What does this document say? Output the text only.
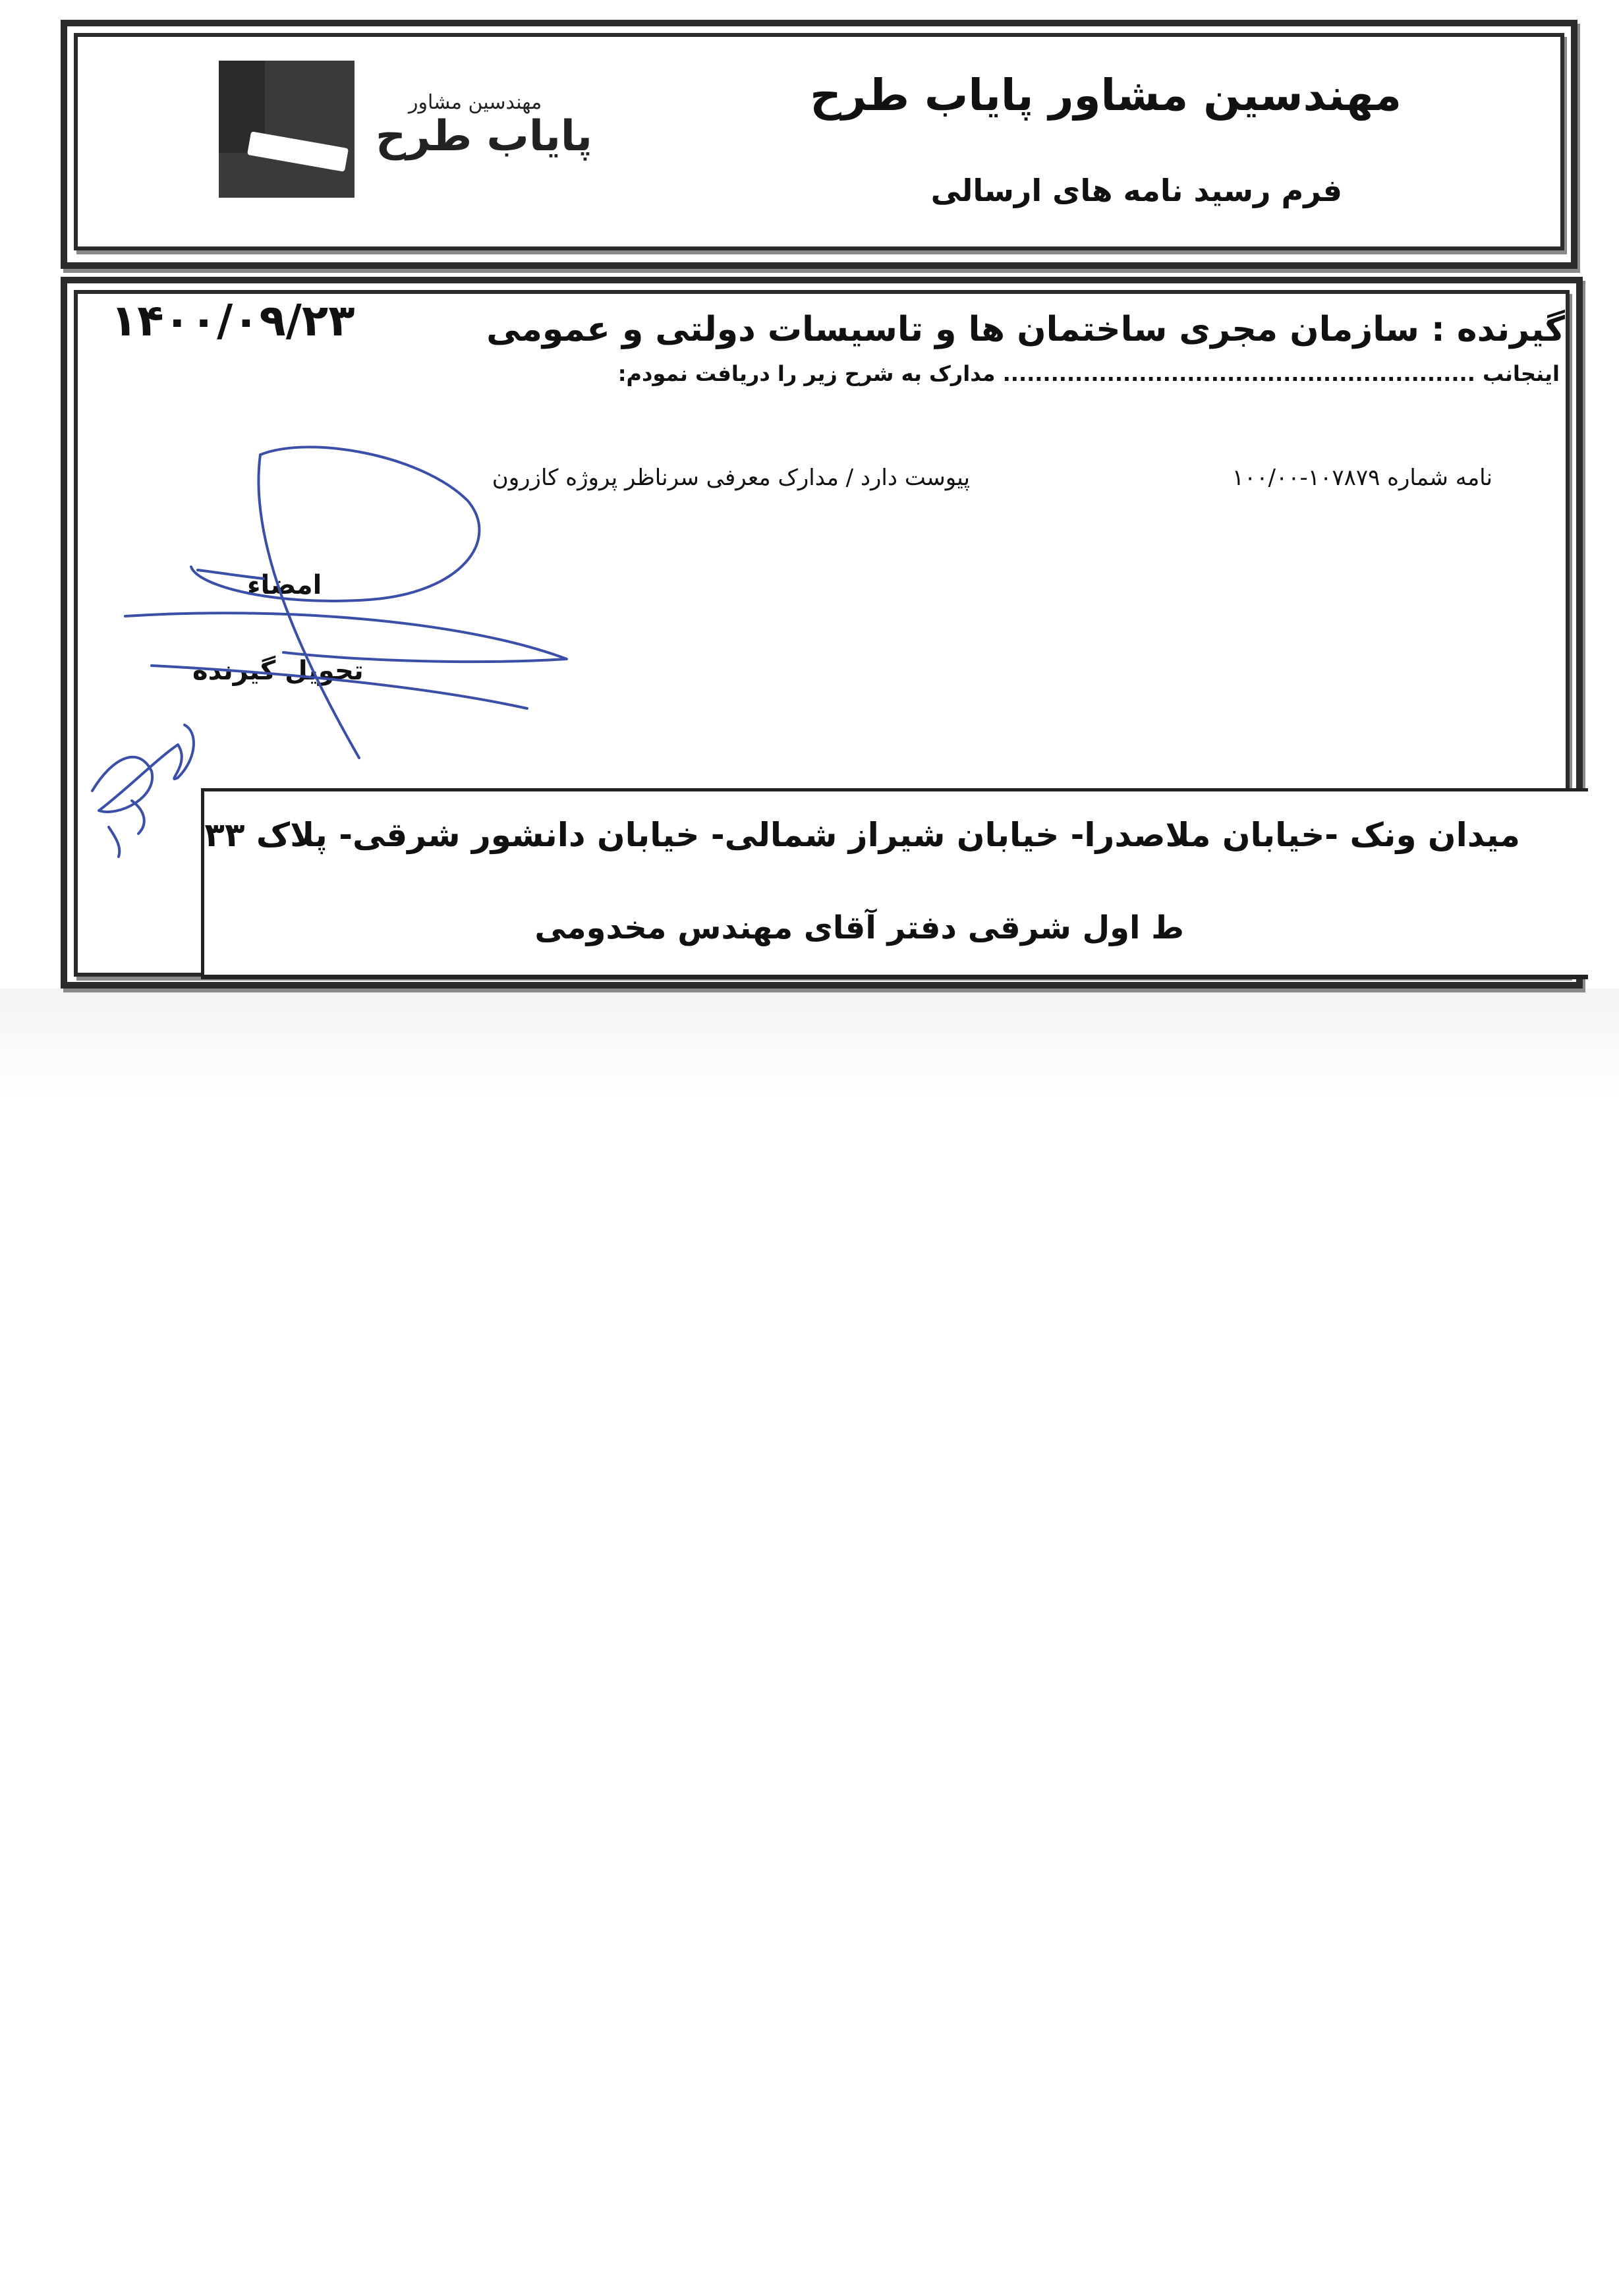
مهندسین مشاور
پایاب طرح
مهندسین مشاور پایاب طرح
فرم رسید نامه های ارسالی
۱۴۰۰/۰۹/۲۳	گیرنده : سازمان مجری ساختمان ها و تاسیسات دولتی و عمومی
اینجانب ........................................................... مدارک به شرح زیر را دریافت نمودم:
نامه شماره ۱۰۷۸۷۹-۱۰۰/۰۰
پیوست دارد / مدارک معرفی سرناظر پروژه کازرون
امضاء
تحویل گیرنده
میدان ونک -خیابان ملاصدرا- خیابان شیراز شمالی- خیابان دانشور شرقی- پلاک ۳۳
ط اول شرقی دفتر آقای مهندس مخدومی
